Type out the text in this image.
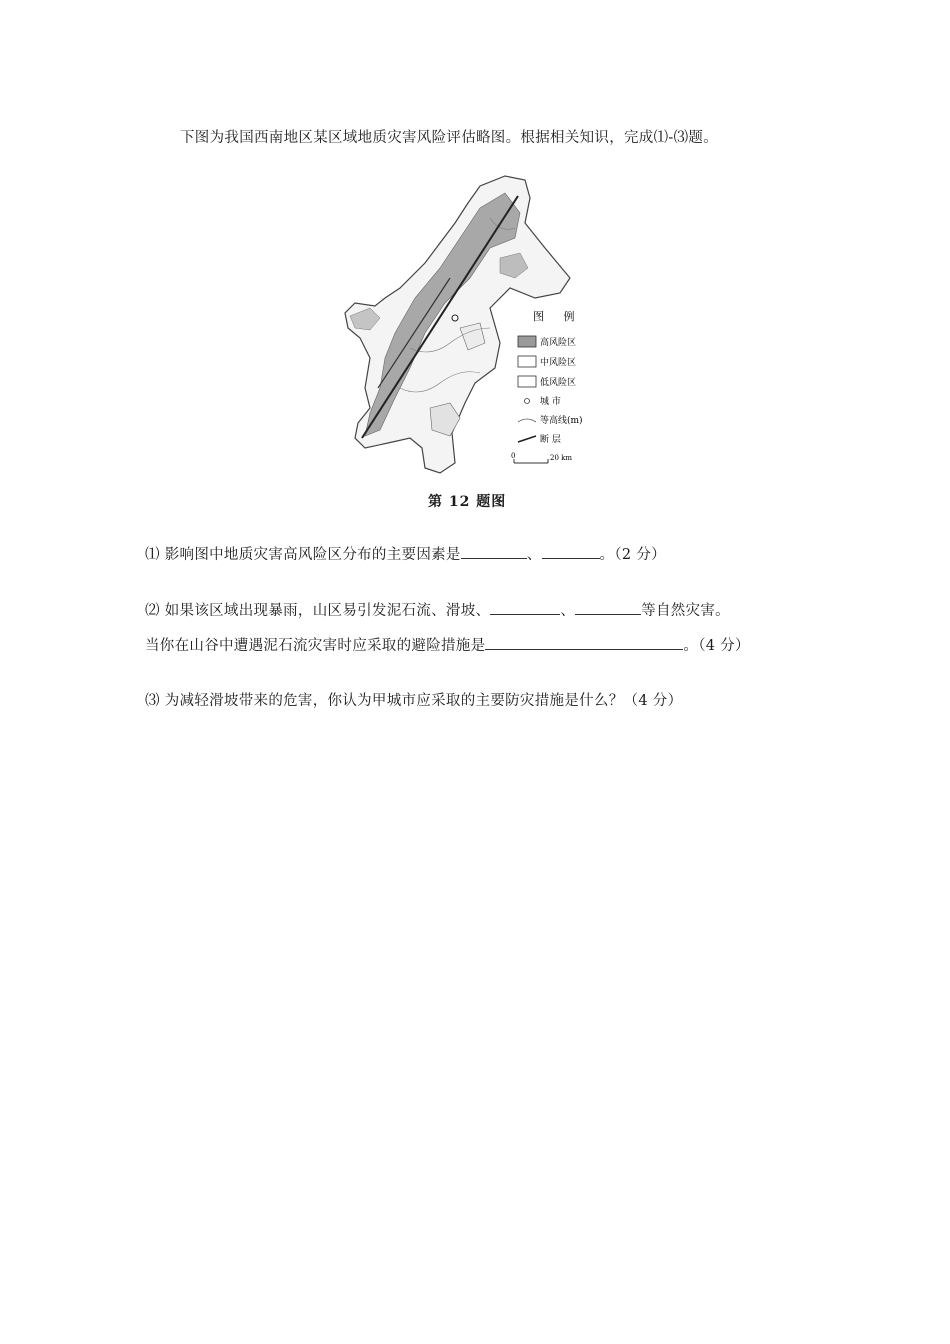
下图为我国西南地区某区域地质灾害风险评估略图。根据相关知识，完成⑴-⑶题。
图 例
高风险区
中风险区
低风险区
城 市
等高线(m)
断 层
0	20 km
第 12 题图
⑴ 影响图中地质灾害高风险区分布的主要因素是	、	。（2 分）
⑵ 如果该区域出现暴雨，山区易引发泥石流、滑坡、	、	等自然灾害。
当你在山谷中遭遇泥石流灾害时应采取的避险措施是	。（4 分）
⑶ 为减轻滑坡带来的危害，你认为甲城市应采取的主要防灾措施是什么？（4 分）
